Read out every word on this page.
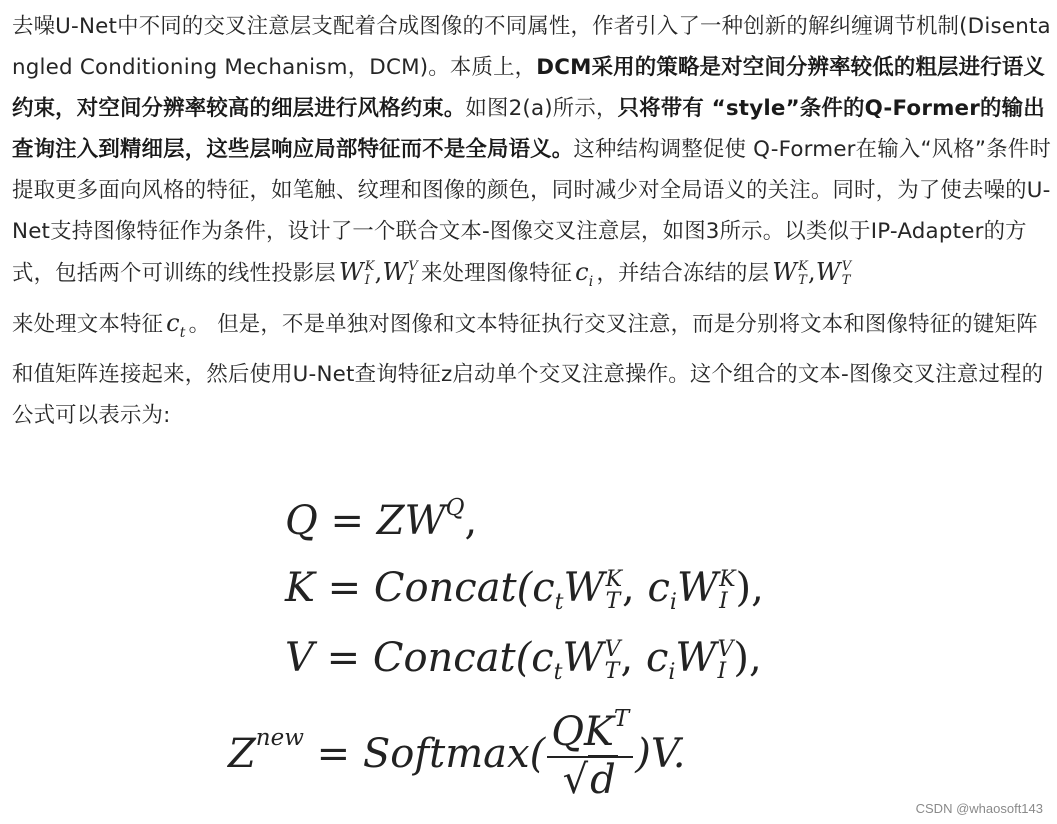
去噪U-Net中不同的交叉注意层支配着合成图像的不同属性，作者引入了一种创新的解纠缠调节机制(Disentangled Conditioning Mechanism，DCM)。本质上，DCM采用的策略是对空间分辨率较低的粗层进行语义约束，对空间分辨率较高的细层进行风格约束。如图2(a)所示，只将带有 “style”条件的Q-Former的输出查询注入到精细层，这些层响应局部特征而不是全局语义。这种结构调整促使 Q-Former在输入“风格”条件时提取更多面向风格的特征，如笔触、纹理和图像的颜色，同时减少对全局语义的关注。同时，为了使去噪的U-Net支持图像特征作为条件，设计了一个联合文本-图像交叉注意层，如图3所示。以类似于IP-Adapter的方式，包括两个可训练的线性投影层 W K
I ,W V
I 来处理图像特征 $c_i$ ，并结合冻结的层 W K
T ,W V
T

来处理文本特征 $c_t$ 。 但是，不是单独对图像和文本特征执行交叉注意，而是分别将文本和图像特征的键矩阵和值矩阵连接起来，然后使用U-Net查询特征z启动单个交叉注意操作。这个组合的文本-图像交叉注意过程的公式可以表示为:

$Q = ZW^Q$,
$K = Concat(c_tW$ K
T , $c_iW$ K
I ),
$V = Concat(c_tW$ V
T , $c_iW$ V
I ),
$Z^{new}$ = Softmax( $\frac{QK^T}{√d} )V$.
CSDN @whaosoft143
